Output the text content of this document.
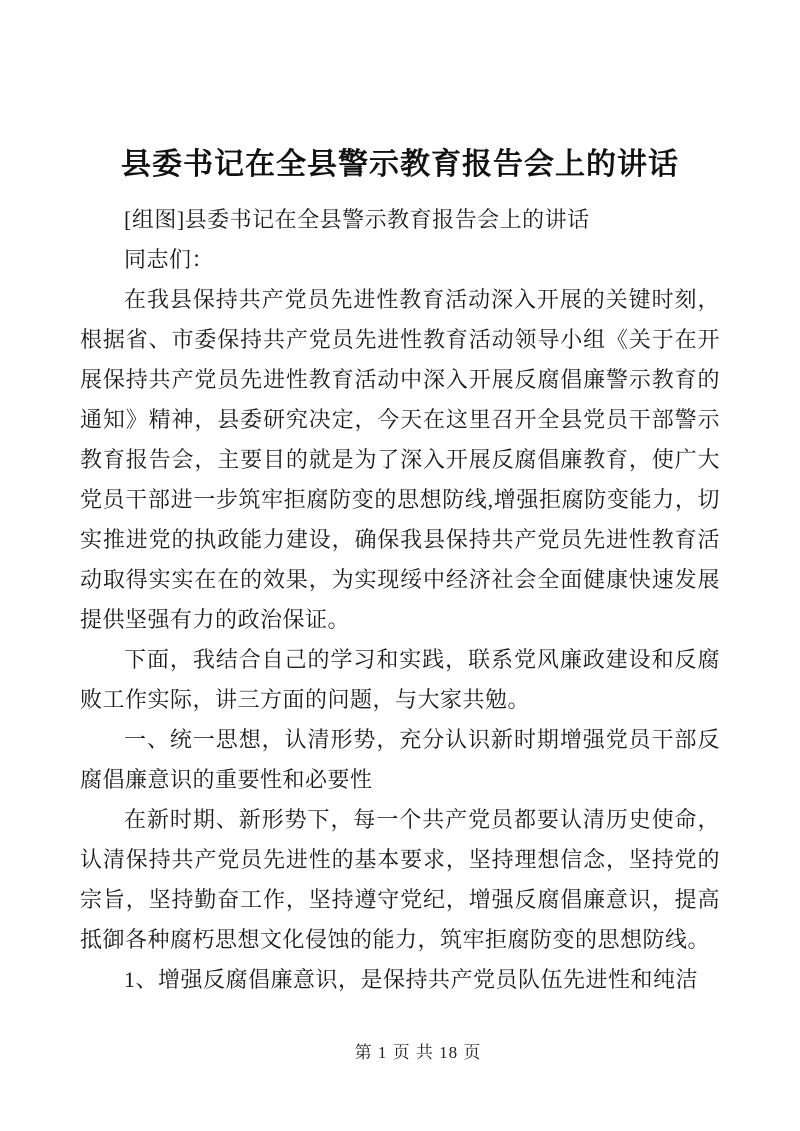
县委书记在全县警示教育报告会上的讲话

[组图]县委书记在全县警示教育报告会上的讲话

同志们：

在我县保持共产党员先进性教育活动深入开展的关键时刻，根据省、市委保持共产党员先进性教育活动领导小组《关于在开展保持共产党员先进性教育活动中深入开展反腐倡廉警示教育的通知》精神，县委研究决定，今天在这里召开全县党员干部警示教育报告会，主要目的就是为了深入开展反腐倡廉教育，使广大党员干部进一步筑牢拒腐防变的思想防线,增强拒腐防变能力，切实推进党的执政能力建设，确保我县保持共产党员先进性教育活动取得实实在在的效果，为实现绥中经济社会全面健康快速发展提供坚强有力的政治保证。

下面，我结合自己的学习和实践，联系党风廉政建设和反腐败工作实际，讲三方面的问题，与大家共勉。

一、统一思想，认清形势，充分认识新时期增强党员干部反腐倡廉意识的重要性和必要性

在新时期、新形势下，每一个共产党员都要认清历史使命，认清保持共产党员先进性的基本要求，坚持理想信念，坚持党的宗旨，坚持勤奋工作，坚持遵守党纪，增强反腐倡廉意识，提高抵御各种腐朽思想文化侵蚀的能力，筑牢拒腐防变的思想防线。

1、增强反腐倡廉意识，是保持共产党员队伍先进性和纯洁

第 1 页 共 18 页
